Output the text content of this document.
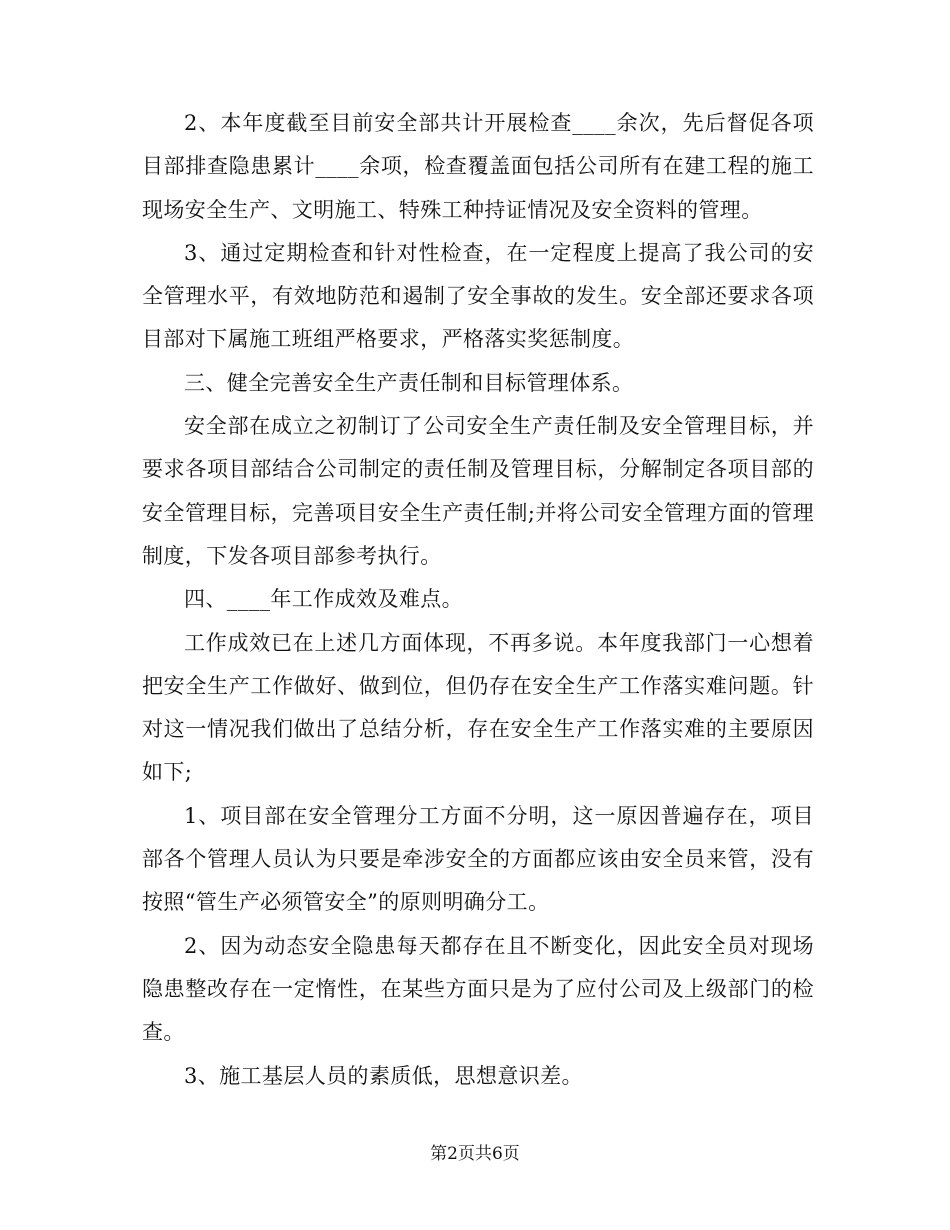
2、本年度截至目前安全部共计开展检查____余次，先后督促各项目部排查隐患累计____余项，检查覆盖面包括公司所有在建工程的施工现场安全生产、文明施工、特殊工种持证情况及安全资料的管理。

3、通过定期检查和针对性检查，在一定程度上提高了我公司的安全管理水平，有效地防范和遏制了安全事故的发生。安全部还要求各项目部对下属施工班组严格要求，严格落实奖惩制度。

三、健全完善安全生产责任制和目标管理体系。

安全部在成立之初制订了公司安全生产责任制及安全管理目标，并要求各项目部结合公司制定的责任制及管理目标，分解制定各项目部的安全管理目标，完善项目安全生产责任制;并将公司安全管理方面的管理制度，下发各项目部参考执行。

四、____年工作成效及难点。

工作成效已在上述几方面体现，不再多说。本年度我部门一心想着把安全生产工作做好、做到位，但仍存在安全生产工作落实难问题。针对这一情况我们做出了总结分析，存在安全生产工作落实难的主要原因如下;

1、项目部在安全管理分工方面不分明，这一原因普遍存在，项目部各个管理人员认为只要是牵涉安全的方面都应该由安全员来管，没有按照“管生产必须管安全”的原则明确分工。

2、因为动态安全隐患每天都存在且不断变化，因此安全员对现场隐患整改存在一定惰性，在某些方面只是为了应付公司及上级部门的检查。

3、施工基层人员的素质低，思想意识差。

第2页共6页
